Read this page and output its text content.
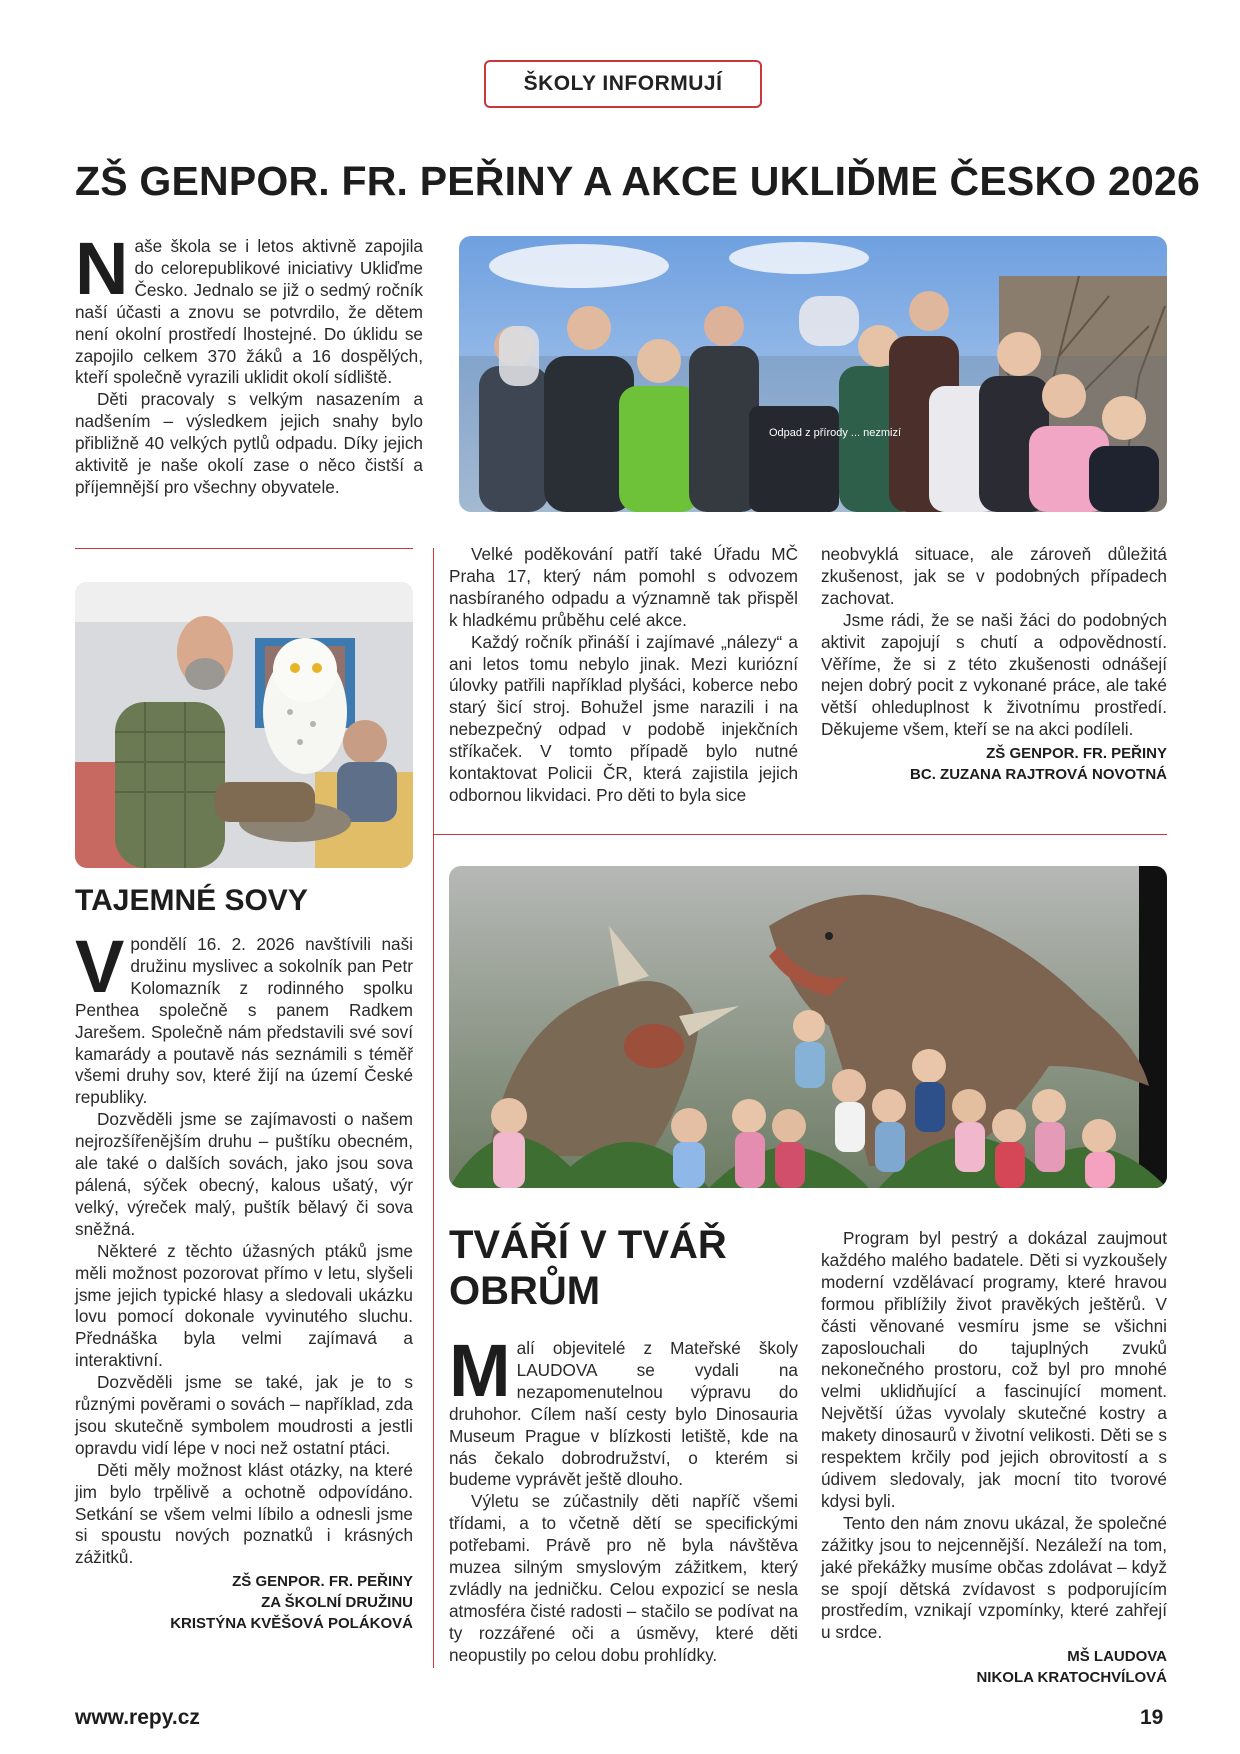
ŠKOLY INFORMUJÍ
ZŠ GENPOR. FR. PEŘINY A AKCE UKLIĎME ČESKO 2026

Naše škola se i letos aktivně zapojila do celorepublikové iniciativy Ukliďme Česko. Jednalo se již o sedmý ročník naší účasti a znovu se potvrdilo, že dětem není okolní prostředí lhostejné. Do úklidu se zapojilo celkem 370 žáků a 16 dospělých, kteří společně vyrazili uklidit okolí sídliště.

Děti pracovaly s velkým nasazením a nadšením – výsledkem jejich snahy bylo přibližně 40 velkých pytlů odpadu. Díky jejich aktivitě je naše okolí zase o něco čistší a příjemnější pro všechny obyvatele.

Odpad z přírody ... nezmizí

Velké poděkování patří také Úřadu MČ Praha 17, který nám pomohl s odvozem nasbíraného odpadu a významně tak přispěl k hladkému průběhu celé akce.

Každý ročník přináší i zajímavé „nálezy“ a ani letos tomu nebylo jinak. Mezi kuriózní úlovky patřili například plyšáci, koberce nebo starý šicí stroj. Bohužel jsme narazili i na nebezpečný odpad v podobě injekčních stříkaček. V tomto případě bylo nutné kontaktovat Policii ČR, která zajistila jejich odbornou likvidaci. Pro děti to byla sice

neobvyklá situace, ale zároveň důležitá zkušenost, jak se v podobných případech zachovat.

Jsme rádi, že se naši žáci do podobných aktivit zapojují s chutí a odpovědností. Věříme, že si z této zkušenosti odnášejí nejen dobrý pocit z vykonané práce, ale také větší ohleduplnost k životnímu prostředí. Děkujeme všem, kteří se na akci podíleli.

ZŠ GENPOR. FR. PEŘINY
BC. ZUZANA RAJTROVÁ NOVOTNÁ
TAJEMNÉ SOVY

Vpondělí 16. 2. 2026 navštívili naši družinu myslivec a sokolník pan Petr Kolomazník z rodinného spolku Penthea společně s panem Radkem Jarešem. Společně nám představili své soví kamarády a poutavě nás seznámili s téměř všemi druhy sov, které žijí na území České republiky.

Dozvěděli jsme se zajímavosti o našem nejrozšířenějším druhu – puštíku obecném, ale také o dalších sovách, jako jsou sova pálená, sýček obecný, kalous ušatý, výr velký, výreček malý, puštík bělavý či sova sněžná.

Některé z těchto úžasných ptáků jsme měli možnost pozorovat přímo v letu, slyšeli jsme jejich typické hlasy a sledovali ukázku lovu pomocí dokonale vyvinutého sluchu. Přednáška byla velmi zajímavá a interaktivní.

Dozvěděli jsme se také, jak je to s různými pověrami o sovách – například, zda jsou skutečně symbolem moudrosti a jestli opravdu vidí lépe v noci než ostatní ptáci.

Děti měly možnost klást otázky, na které jim bylo trpělivě a ochotně odpovídáno. Setkání se všem velmi líbilo a odnesli jsme si spoustu nových poznatků i krásných zážitků.

ZŠ GENPOR. FR. PEŘINY
ZA ŠKOLNÍ DRUŽINU
KRISTÝNA KVĚŠOVÁ POLÁKOVÁ
TVÁŘÍ V TVÁŘ
OBRŮM

Malí objevitelé z Mateřské školy LAUDOVA se vydali na nezapomenutelnou výpravu do druhohor. Cílem naší cesty bylo Dinosauria Museum Prague v blízkosti letiště, kde na nás čekalo dobrodružství, o kterém si budeme vyprávět ještě dlouho.

Výletu se zúčastnily děti napříč všemi třídami, a to včetně dětí se specifickými potřebami. Právě pro ně byla návštěva muzea silným smyslovým zážitkem, který zvládly na jedničku. Celou expozicí se nesla atmosféra čisté radosti – stačilo se podívat na ty rozzářené oči a úsměvy, které děti neopustily po celou dobu prohlídky.

Program byl pestrý a dokázal zaujmout každého malého badatele. Děti si vyzkoušely moderní vzdělávací programy, které hravou formou přiblížily život pravěkých ještěrů. V části věnované vesmíru jsme se všichni zaposlouchali do tajuplných zvuků nekonečného prostoru, což byl pro mnohé velmi uklidňující a fascinující moment. Největší úžas vyvolaly skutečné kostry a makety dinosaurů v životní velikosti. Děti se s respektem krčily pod jejich obrovitostí a s údivem sledovaly, jak mocní tito tvorové kdysi byli.

Tento den nám znovu ukázal, že společné zážitky jsou to nejcennější. Nezáleží na tom, jaké překážky musíme občas zdolávat – když se spojí dětská zvídavost s podporujícím prostředím, vznikají vzpomínky, které zahřejí u srdce.

MŠ LAUDOVA
NIKOLA KRATOCHVÍLOVÁ
www.repy.cz	19
